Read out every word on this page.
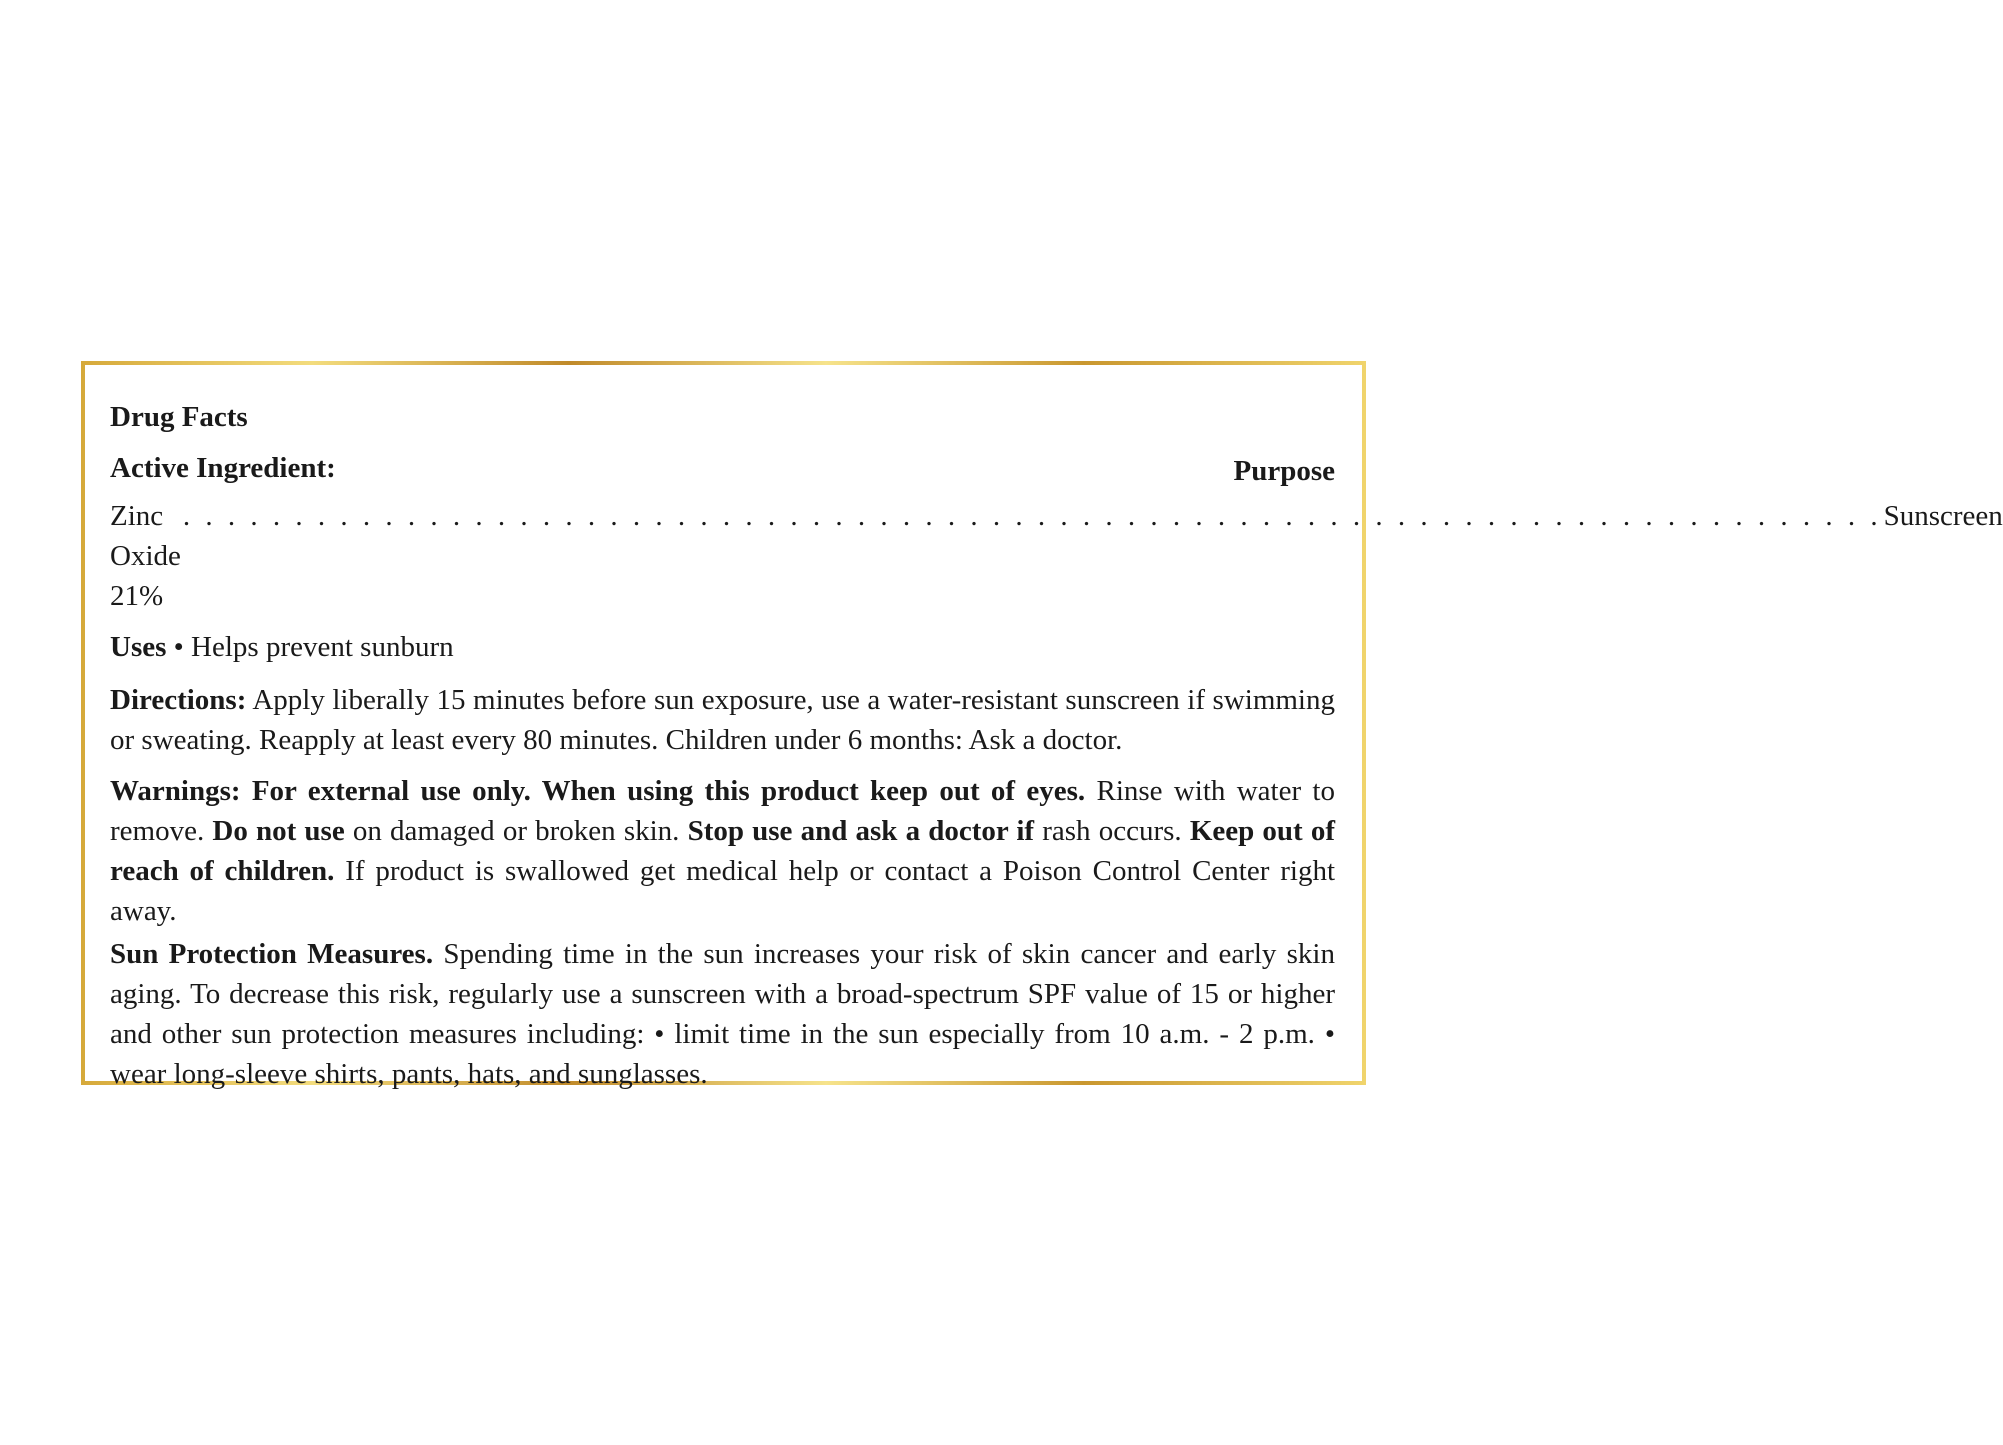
Drug Facts
Active Ingredient:	Purpose
Zinc Oxide 21%
. . . . . . . . . . . . . . . . . . . . . . . . . . . . . . . . . . . . . . . . . . . . . . . . . . . . . . . . . . . . . . . . . . . . . . . . . . . . Sunscreen

Uses • Helps prevent sunburn

Directions: Apply liberally 15 minutes before sun exposure, use a water-resistant sunscreen if swimming or sweating. Reapply at least every 80 minutes. Children under 6 months: Ask a doctor.

Warnings: For external use only. When using this product keep out of eyes. Rinse with water to remove. Do not use on damaged or broken skin. Stop use and ask a doctor if rash occurs. Keep out of reach of children. If product is swallowed get medical help or contact a Poison Control Center right away.

Sun Protection Measures. Spending time in the sun increases your risk of skin cancer and early skin aging. To decrease this risk, regularly use a sunscreen with a broad-spectrum SPF value of 15 or higher and other sun protection measures including: • limit time in the sun especially from 10 a.m. - 2 p.m. • wear long-sleeve shirts, pants, hats, and sunglasses.
